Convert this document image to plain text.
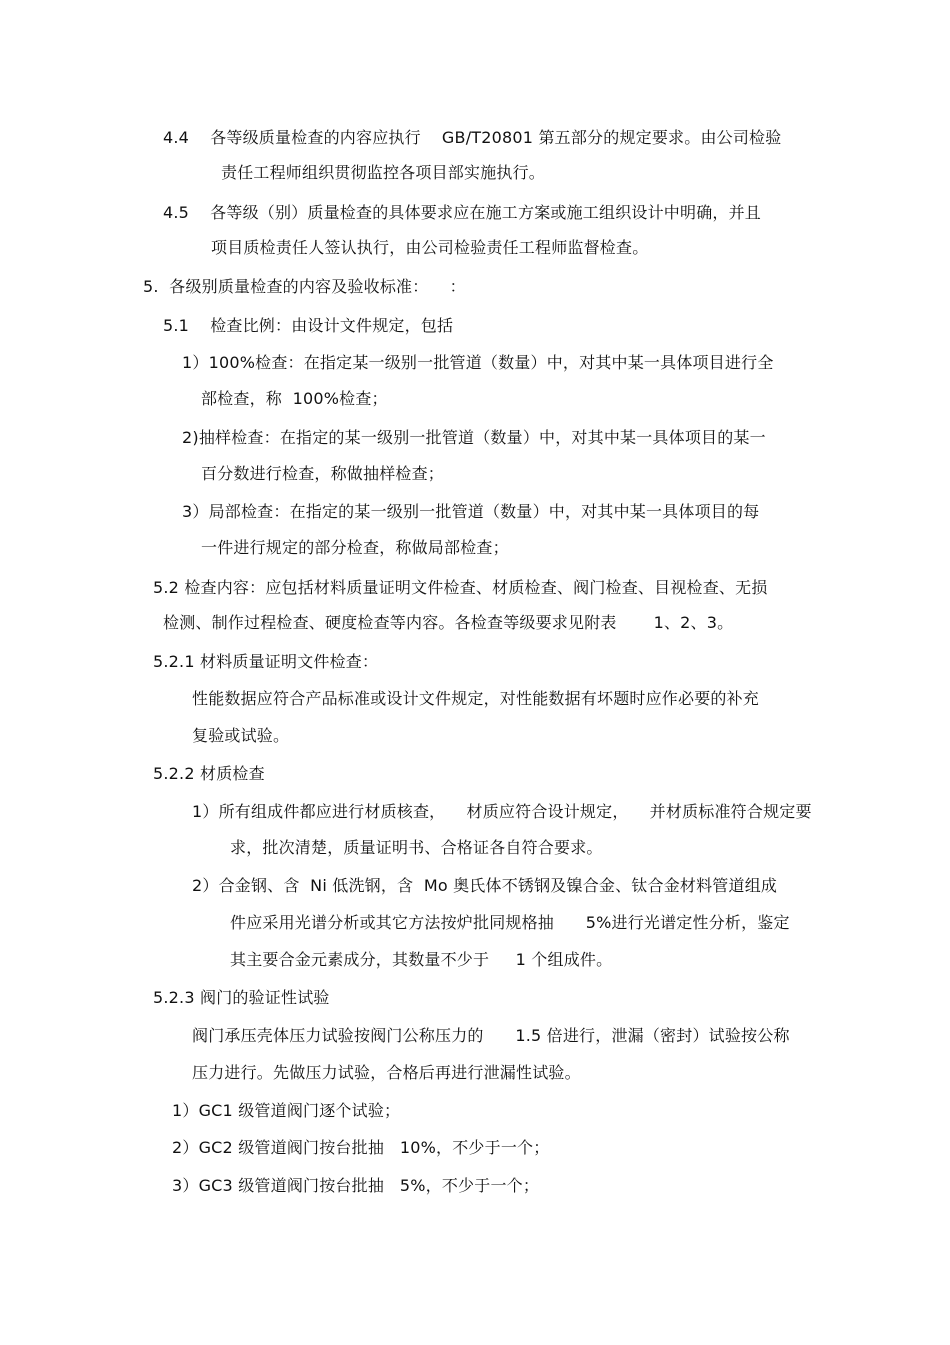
4.4    各等级质量检查的内容应执行    GB/T20801 第五部分的规定要求。由公司检验
责任工程师组织贯彻监控各项目部实施执行。
4.5    各等级（别）质量检查的具体要求应在施工方案或施工组织设计中明确，并且
项目质检责任人签认执行，由公司检验责任工程师监督检查。
5.  各级别质量检查的内容及验收标准：    ：
5.1    检查比例：由设计文件规定，包括
1）100%检查：在指定某一级别一批管道（数量）中，对其中某一具体项目进行全
部检查，称  100%检查；
2)抽样检查：在指定的某一级别一批管道（数量）中，对其中某一具体项目的某一
百分数进行检查，称做抽样检查；
3）局部检查：在指定的某一级别一批管道（数量）中，对其中某一具体项目的每
一件进行规定的部分检查，称做局部检查；
5.2 检查内容：应包括材料质量证明文件检查、材质检查、阀门检查、目视检查、无损
检测、制作过程检查、硬度检查等内容。各检查等级要求见附表       1、2、3。
5.2.1 材料质量证明文件检查：
性能数据应符合产品标准或设计文件规定，对性能数据有坏题时应作必要的补充
复验或试验。
5.2.2 材质检查
1）所有组成件都应进行材质核查，    材质应符合设计规定，    并材质标准符合规定要
求，批次清楚，质量证明书、合格证各自符合要求。
2）合金钢、含  Ni 低洗钢，含  Mo 奥氏体不锈钢及镍合金、钛合金材料管道组成
件应采用光谱分析或其它方法按炉批同规格抽      5%进行光谱定性分析，鉴定
其主要合金元素成分，其数量不少于     1 个组成件。
5.2.3 阀门的验证性试验
阀门承压壳体压力试验按阀门公称压力的      1.5 倍进行，泄漏（密封）试验按公称
压力进行。先做压力试验，合格后再进行泄漏性试验。
1）GC1 级管道阀门逐个试验；
2）GC2 级管道阀门按台批抽   10%，不少于一个；
3）GC3 级管道阀门按台批抽   5%，不少于一个；
